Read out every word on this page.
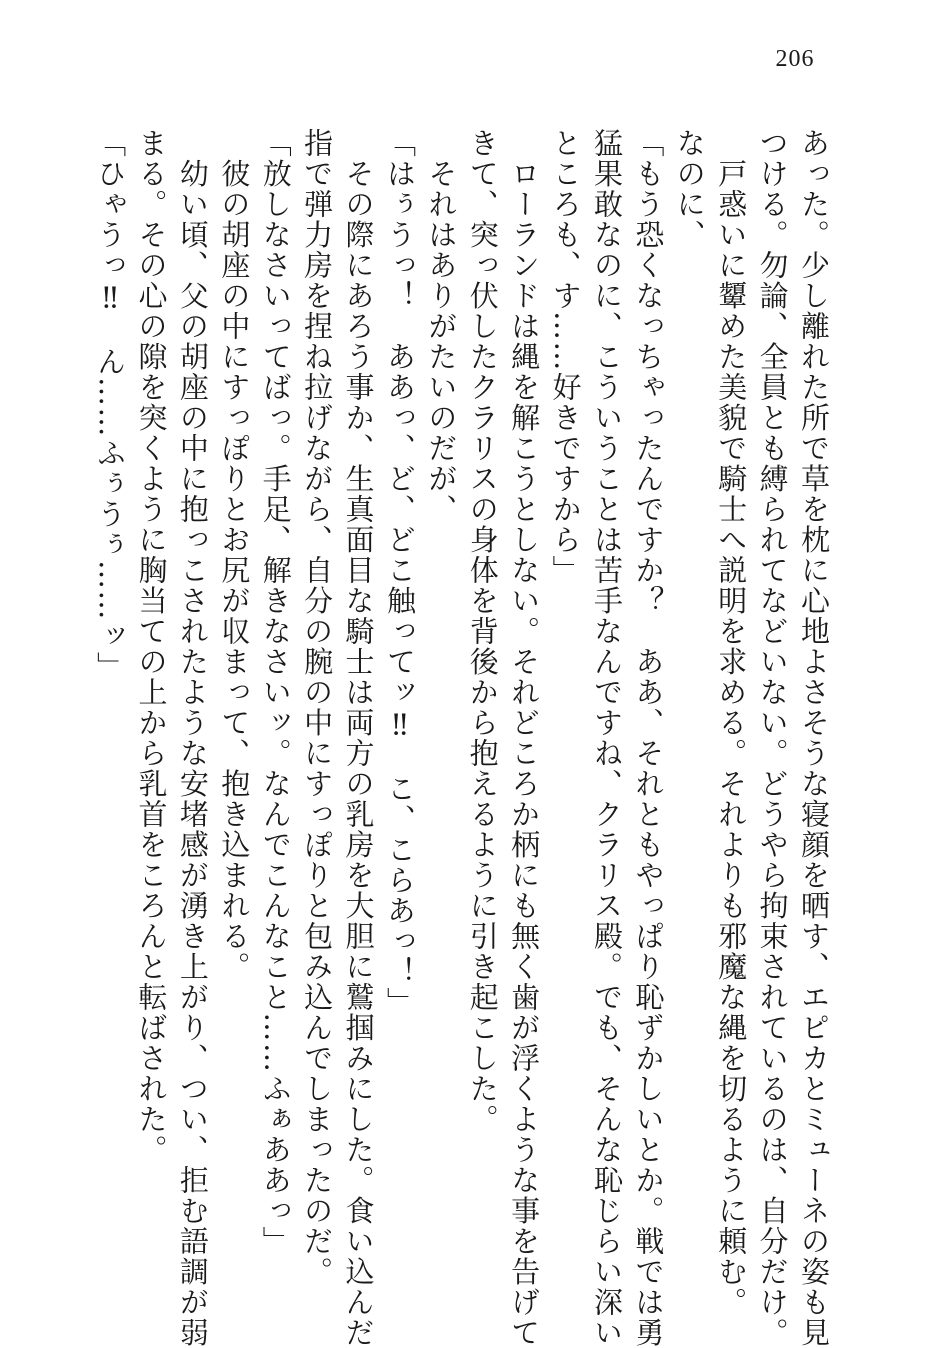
206
あった。少し離れた所で草を枕に心地よさそうな寝顔を晒す、エピカとミューネの姿も見
つける。勿論、全員とも縛られてなどいない。どうやら拘束されているのは、自分だけ。
　戸惑いに顰めた美貌で騎士へ説明を求める。それよりも邪魔な縄を切るように頼む。
なのに、
「もう恐くなっちゃったんですか？　ああ、それともやっぱり恥ずかしいとか。戦では勇
猛果敢なのに、こういうことは苦手なんですね、クラリス殿。でも、そんな恥じらい深い
ところも、す……好きですから」
　ローランドは縄を解こうとしない。それどころか柄にも無く歯が浮くような事を告げて
きて、突っ伏したクラリスの身体を背後から抱えるように引き起こした。
　それはありがたいのだが、
「はぅうっ！　ああっ、ど、どこ触ってッ‼　こ、こらあっ！」
　その際にあろう事か、生真面目な騎士は両方の乳房を大胆に鷲掴みにした。食い込んだ
指で弾力房を捏ね拉げながら、自分の腕の中にすっぽりと包み込んでしまったのだ。
「放しなさいってばっ。手足、解きなさいッ。なんでこんなこと……ふぁああっ」
　彼の胡座の中にすっぽりとお尻が収まって、抱き込まれる。
　幼い頃、父の胡座の中に抱っこされたような安堵感が湧き上がり、つい、拒む語調が弱
まる。その心の隙を突くように胸当ての上から乳首をころんと転ばされた。
「ひゃうっ‼　ん……ふぅうぅ……ッ」
